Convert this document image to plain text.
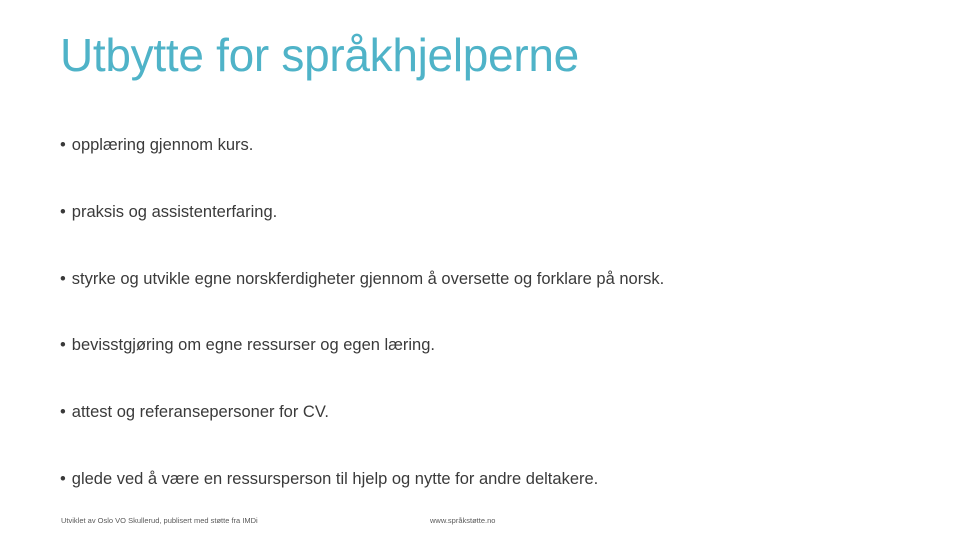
Utbytte for språkhjelperne
• opplæring gjennom kurs.
• praksis og assistenterfaring.
• styrke og utvikle egne norskferdigheter gjennom å oversette og forklare på norsk.
• bevisstgjøring om egne ressurser og egen læring.
• attest og referansepersoner for CV.
• glede ved å være en ressursperson til hjelp og nytte for andre deltakere.
Utviklet av Oslo VO Skullerud, publisert med støtte fra IMDi	www.språkstøtte.no
